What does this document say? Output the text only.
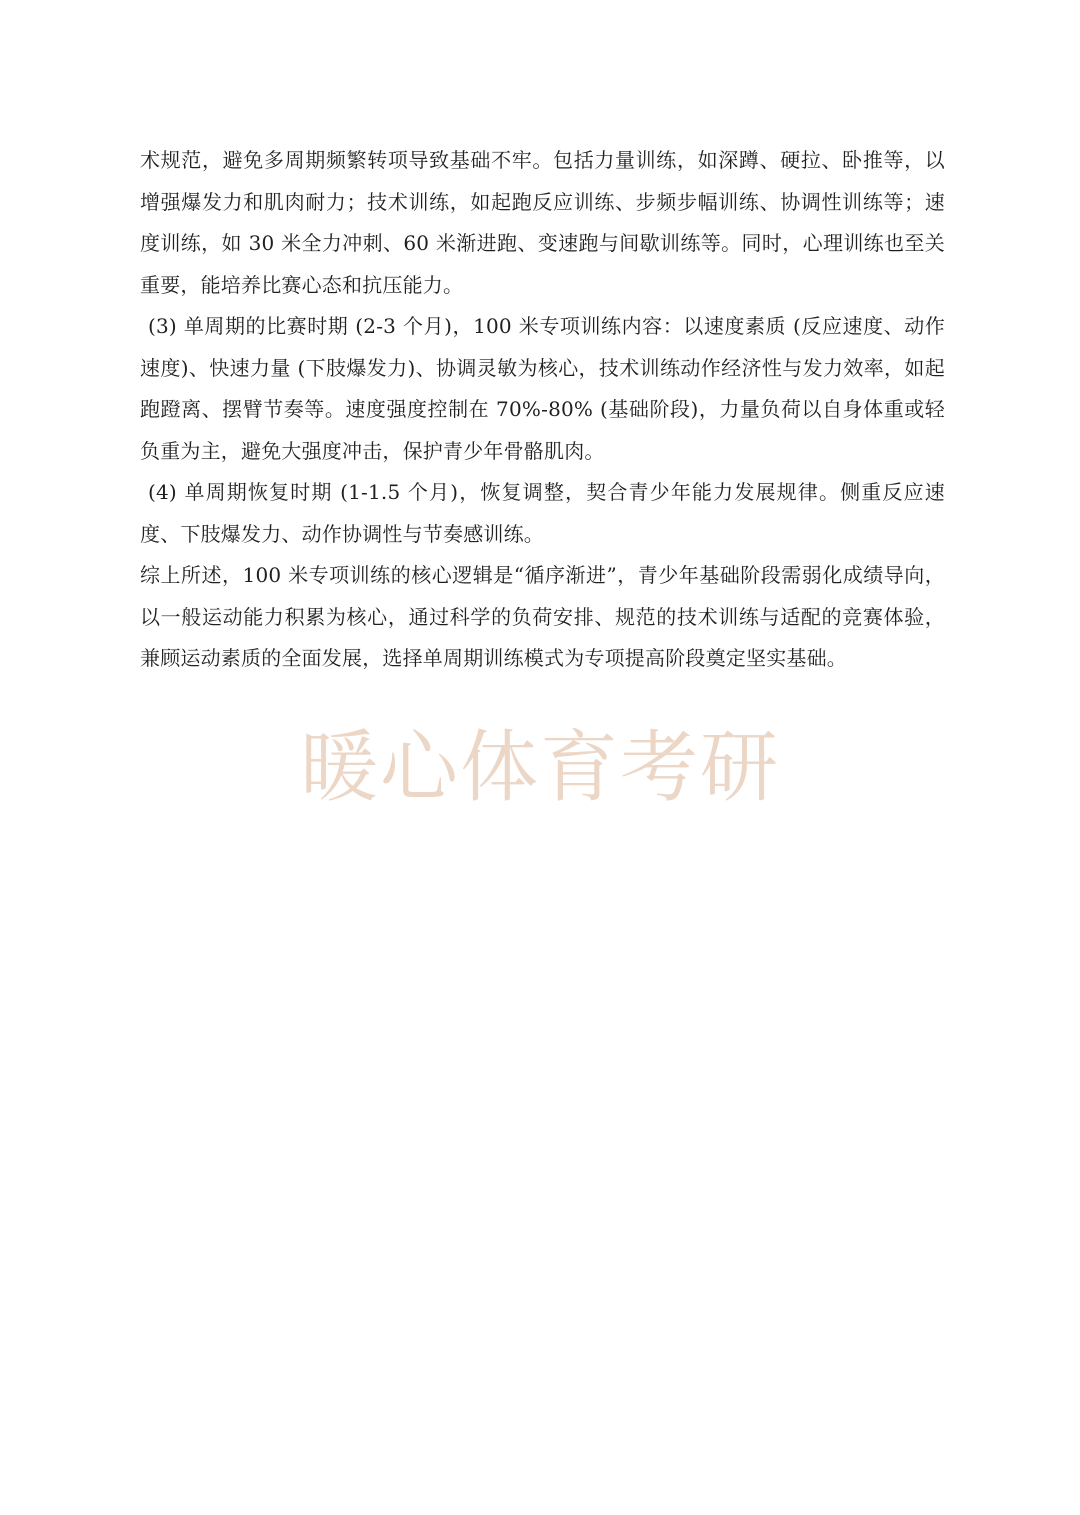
术规范，避免多周期频繁转项导致基础不牢。包括力量训练，如深蹲、硬拉、卧推等，以增强爆发力和肌肉耐力；技术训练，如起跑反应训练、步频步幅训练、协调性训练等；速度训练，如 30 米全力冲刺、60 米渐进跑、变速跑与间歇训练等。同时，心理训练也至关重要，能培养比赛心态和抗压能力。

(3) 单周期的比赛时期 (2-3 个月)，100 米专项训练内容：以速度素质 (反应速度、动作速度)、快速力量 (下肢爆发力)、协调灵敏为核心，技术训练动作经济性与发力效率，如起跑蹬离、摆臂节奏等。速度强度控制在 70%-80% (基础阶段)，力量负荷以自身体重或轻负重为主，避免大强度冲击，保护青少年骨骼肌肉。

(4) 单周期恢复时期 (1-1.5 个月)，恢复调整，契合青少年能力发展规律。侧重反应速度、下肢爆发力、动作协调性与节奏感训练。

综上所述，100 米专项训练的核心逻辑是“循序渐进”，青少年基础阶段需弱化成绩导向，以一般运动能力积累为核心，通过科学的负荷安排、规范的技术训练与适配的竞赛体验，兼顾运动素质的全面发展，选择单周期训练模式为专项提高阶段奠定坚实基础。

暖心体育考研
